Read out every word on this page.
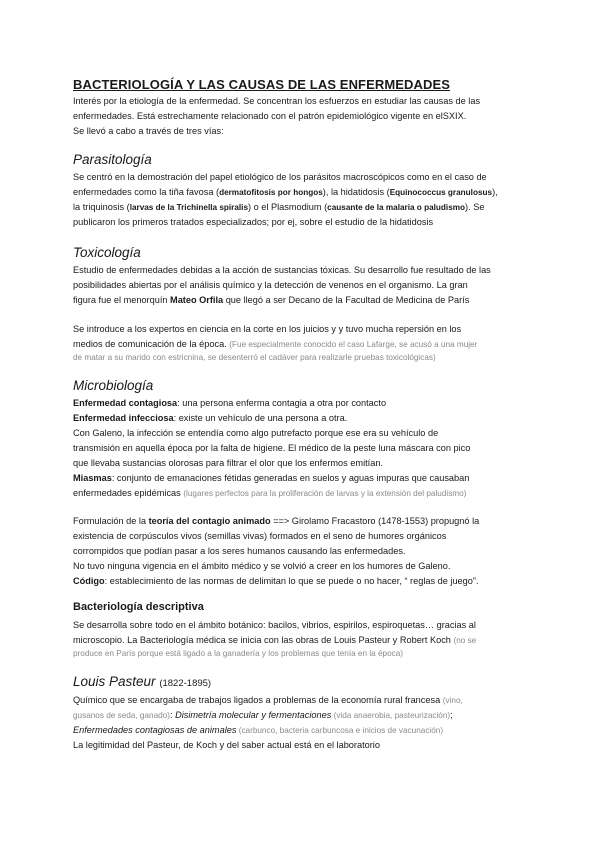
BACTERIOLOGÍA Y LAS CAUSAS DE LAS ENFERMEDADES
Interés por la etiología de la enfermedad. Se concentran los esfuerzos en estudiar las causas de las
enfermedades. Está estrechamente relacionado con el patrón epidemiológico vigente en elSXIX.
Se llevó a cabo a través de tres vías:
Parasitología
Se centró en la demostración del papel etiológico de los parásitos macroscópicos como en el caso de
enfermedades como la tiña favosa (dermatofitosis por hongos), la hidatidosis (Equinococcus granulosus),
la triquinosis (larvas de la Trichinella spiralis) o el Plasmodium (causante de la malaria o paludismo). Se
publicaron los primeros tratados especializados; por ej, sobre el estudio de la hidatidosis
Toxicología
Estudio de enfermedades debidas a la acción de sustancias tóxicas. Su desarrollo fue resultado de las
posibilidades abiertas por el análisis químico y la detección de venenos en el organismo. La gran
figura fue el menorquín Mateo Orfila que llegó a ser Decano de la Facultad de Medicina de París
Se introduce a los expertos en ciencia en la corte en los juicios y y tuvo mucha repersión en los
medios de comunicación de la época. (Fue especialmente conocido el caso Lafarge, se acusó a una mujer
de matar a su marido con estricnina, se desenterró el cadáver para realizarle pruebas toxicológicas)
Microbiología
Enfermedad contagiosa: una persona enferma contagia a otra por contacto
Enfermedad infecciosa: existe un vehículo de una persona a otra.
Con Galeno, la infección se entendía como algo putrefacto porque ese era su vehículo de
transmisión en aquella época por la falta de higiene. El médico de la peste luna máscara con pico
que llevaba sustancias olorosas para filtrar el olor que los enfermos emitían.
Miasmas: conjunto de emanaciones fétidas generadas en suelos y aguas impuras que causaban
enfermedades epidémicas (lugares perfectos para la proliferación de larvas y la extensión del paludismo)
Formulación de la teoría del contagio animado ==> Girolamo Fracastoro (1478-1553) propugnó la
existencia de corpúsculos vivos (semillas vivas) formados en el seno de humores orgánicos
corrompidos que podían pasar a los seres humanos causando las enfermedades.
No tuvo ninguna vigencia en el ámbito médico y se volvió a creer en los humores de Galeno.
Código: establecimiento de las normas de delimitan lo que se puede o no hacer, “ reglas de juego”.
Bacteriología descriptiva
Se desarrolla sobre todo en el ámbito botánico: bacilos, vibrios, espirilos, espiroquetas… gracias al
microscopio. La Bacteriología médica se inicia con las obras de Louis Pasteur y Robert Koch (no se
produce en París porque está ligado a la ganadería y los problemas que tenía en la época)
Louis Pasteur (1822-1895)
Químico que se encargaba de trabajos ligados a problemas de la economía rural francesa (vino,
gusanos de seda, ganado): Disimetría molecular y fermentaciones (vida anaerobia, pasteurización);
Enfermedades contagiosas de animales (carbunco, bacteria carbuncosa e inicios de vacunación)
La legitimidad del Pasteur, de Koch y del saber actual está en el laboratorio
